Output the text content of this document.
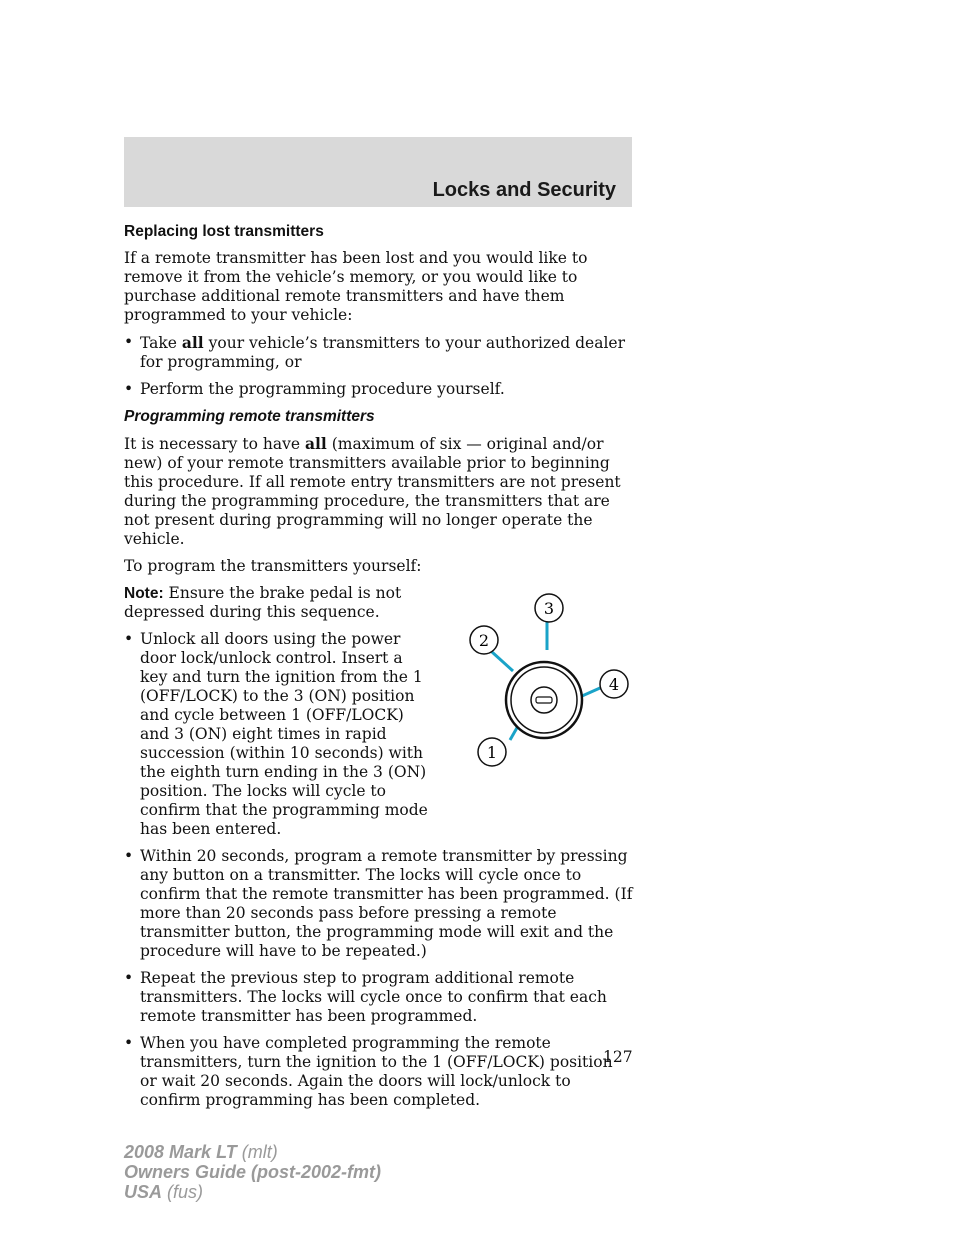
Locks and Security
Replacing lost transmitters

If a remote transmitter has been lost and you would like to remove it from the vehicle’s memory, or you would like to purchase additional remote transmitters and have them programmed to your vehicle:

• Take all your vehicle’s transmitters to your authorized dealer for programming, or
• Perform the programming procedure yourself.
Programming remote transmitters

It is necessary to have all (maximum of six — original and/or new) of your remote transmitters available prior to beginning this procedure. If all remote entry transmitters are not present during the programming procedure, the transmitters that are not present during programming will no longer operate the vehicle.

To program the transmitters yourself:

1
2
3
4

Note: Ensure the brake pedal is not depressed during this sequence.

• Unlock all doors using the power door lock/unlock control. Insert a key and turn the ignition from the 1 (OFF/LOCK) to the 3 (ON) position and cycle between 1 (OFF/LOCK) and 3 (ON) eight times in rapid succession (within 10 seconds) with the eighth turn ending in the 3 (ON) position. The locks will cycle to confirm that the programming mode has been entered.
• Within 20 seconds, program a remote transmitter by pressing any button on a transmitter. The locks will cycle once to confirm that the remote transmitter has been programmed. (If more than 20 seconds pass before pressing a remote transmitter button, the programming mode will exit and the procedure will have to be repeated.)
• Repeat the previous step to program additional remote transmitters. The locks will cycle once to confirm that each remote transmitter has been programmed.
• When you have completed programming the remote transmitters, turn the ignition to the 1 (OFF/LOCK) position or wait 20 seconds. Again the doors will lock/unlock to confirm programming has been completed.
127
2008 Mark LT (mlt)
Owners Guide (post-2002-fmt)
USA (fus)
